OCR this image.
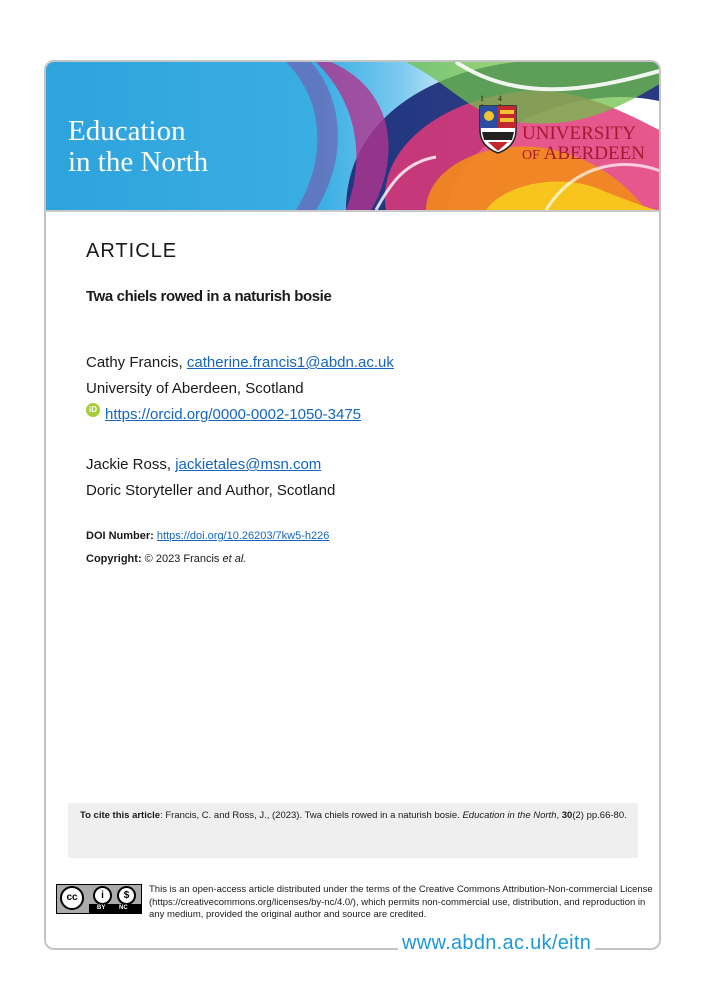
Education
in the North
1 4
UNIVERSITY
OF ABERDEEN
ARTICLE
Twa chiels rowed in a naturish bosie
Cathy Francis, catherine.francis1@abdn.ac.uk
University of Aberdeen, Scotland
iD https://orcid.org/0000-0002-1050-3475
Jackie Ross, jackietales@msn.com
Doric Storyteller and Author, Scotland
DOI Number: https://doi.org/10.26203/7kw5-h226
Copyright: © 2023 Francis et al.
To cite this article: Francis, C. and Ross, J., (2023). Twa chiels rowed in a naturish bosie. Education in the North, 30(2) pp.66-80.
cc	i	$
BY NC
This is an open-access article distributed under the terms of the Creative Commons Attribution-Non-commercial License (https://creativecommons.org/licenses/by-nc/4.0/), which permits non-commercial use, distribution, and reproduction in any medium, provided the original author and source are credited.
www.abdn.ac.uk/eitn
